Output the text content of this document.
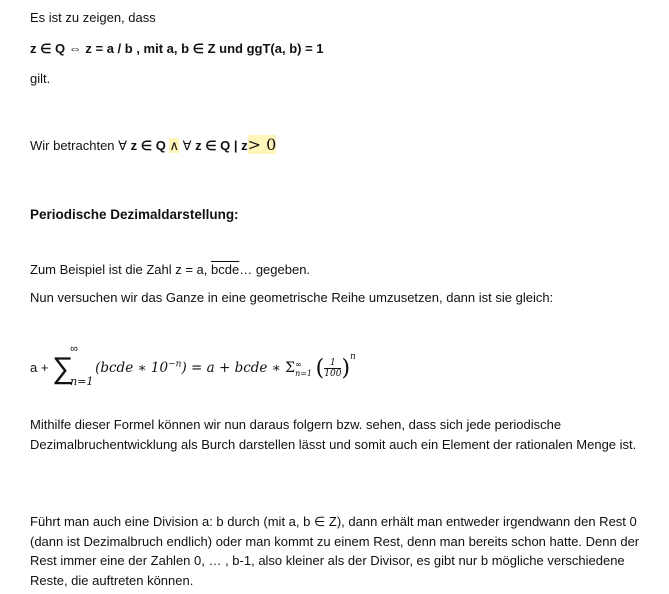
Es ist zu zeigen, dass
z ∈ Q ⇔ z = a / b , mit a, b ∈ Z und ggT(a, b) = 1
gilt.
Wir betrachten ∀ z ∈ Q ∧ ∀ z ∈ Q | z> 0
Periodische Dezimaldarstellung:
Zum Beispiel ist die Zahl z = a, bcde… gegeben.
Nun versuchen wir das Ganze in eine geometrische Reihe umzusetzen, dann ist sie gleich:
a + ∑
∞
n=1
(bcde ∗ $10^{-n}) = a$ + bcde ∗ Σ ∞
n=1 ( $\frac{1}{100} )^n$
Mithilfe dieser Formel können wir nun daraus folgern bzw. sehen, dass sich jede periodische Dezimalbruchentwicklung als Burch darstellen lässt und somit auch ein Element der rationalen Menge ist.
Führt man auch eine Division a: b durch (mit a, b ∈ Z), dann erhält man entweder irgendwann den Rest 0 (dann ist Dezimalbruch endlich) oder man kommt zu einem Rest, denn man bereits schon hatte. Denn der Rest immer eine der Zahlen 0, … , b-1, also kleiner als der Divisor, es gibt nur b mögliche verschiedene Reste, die auftreten können.
